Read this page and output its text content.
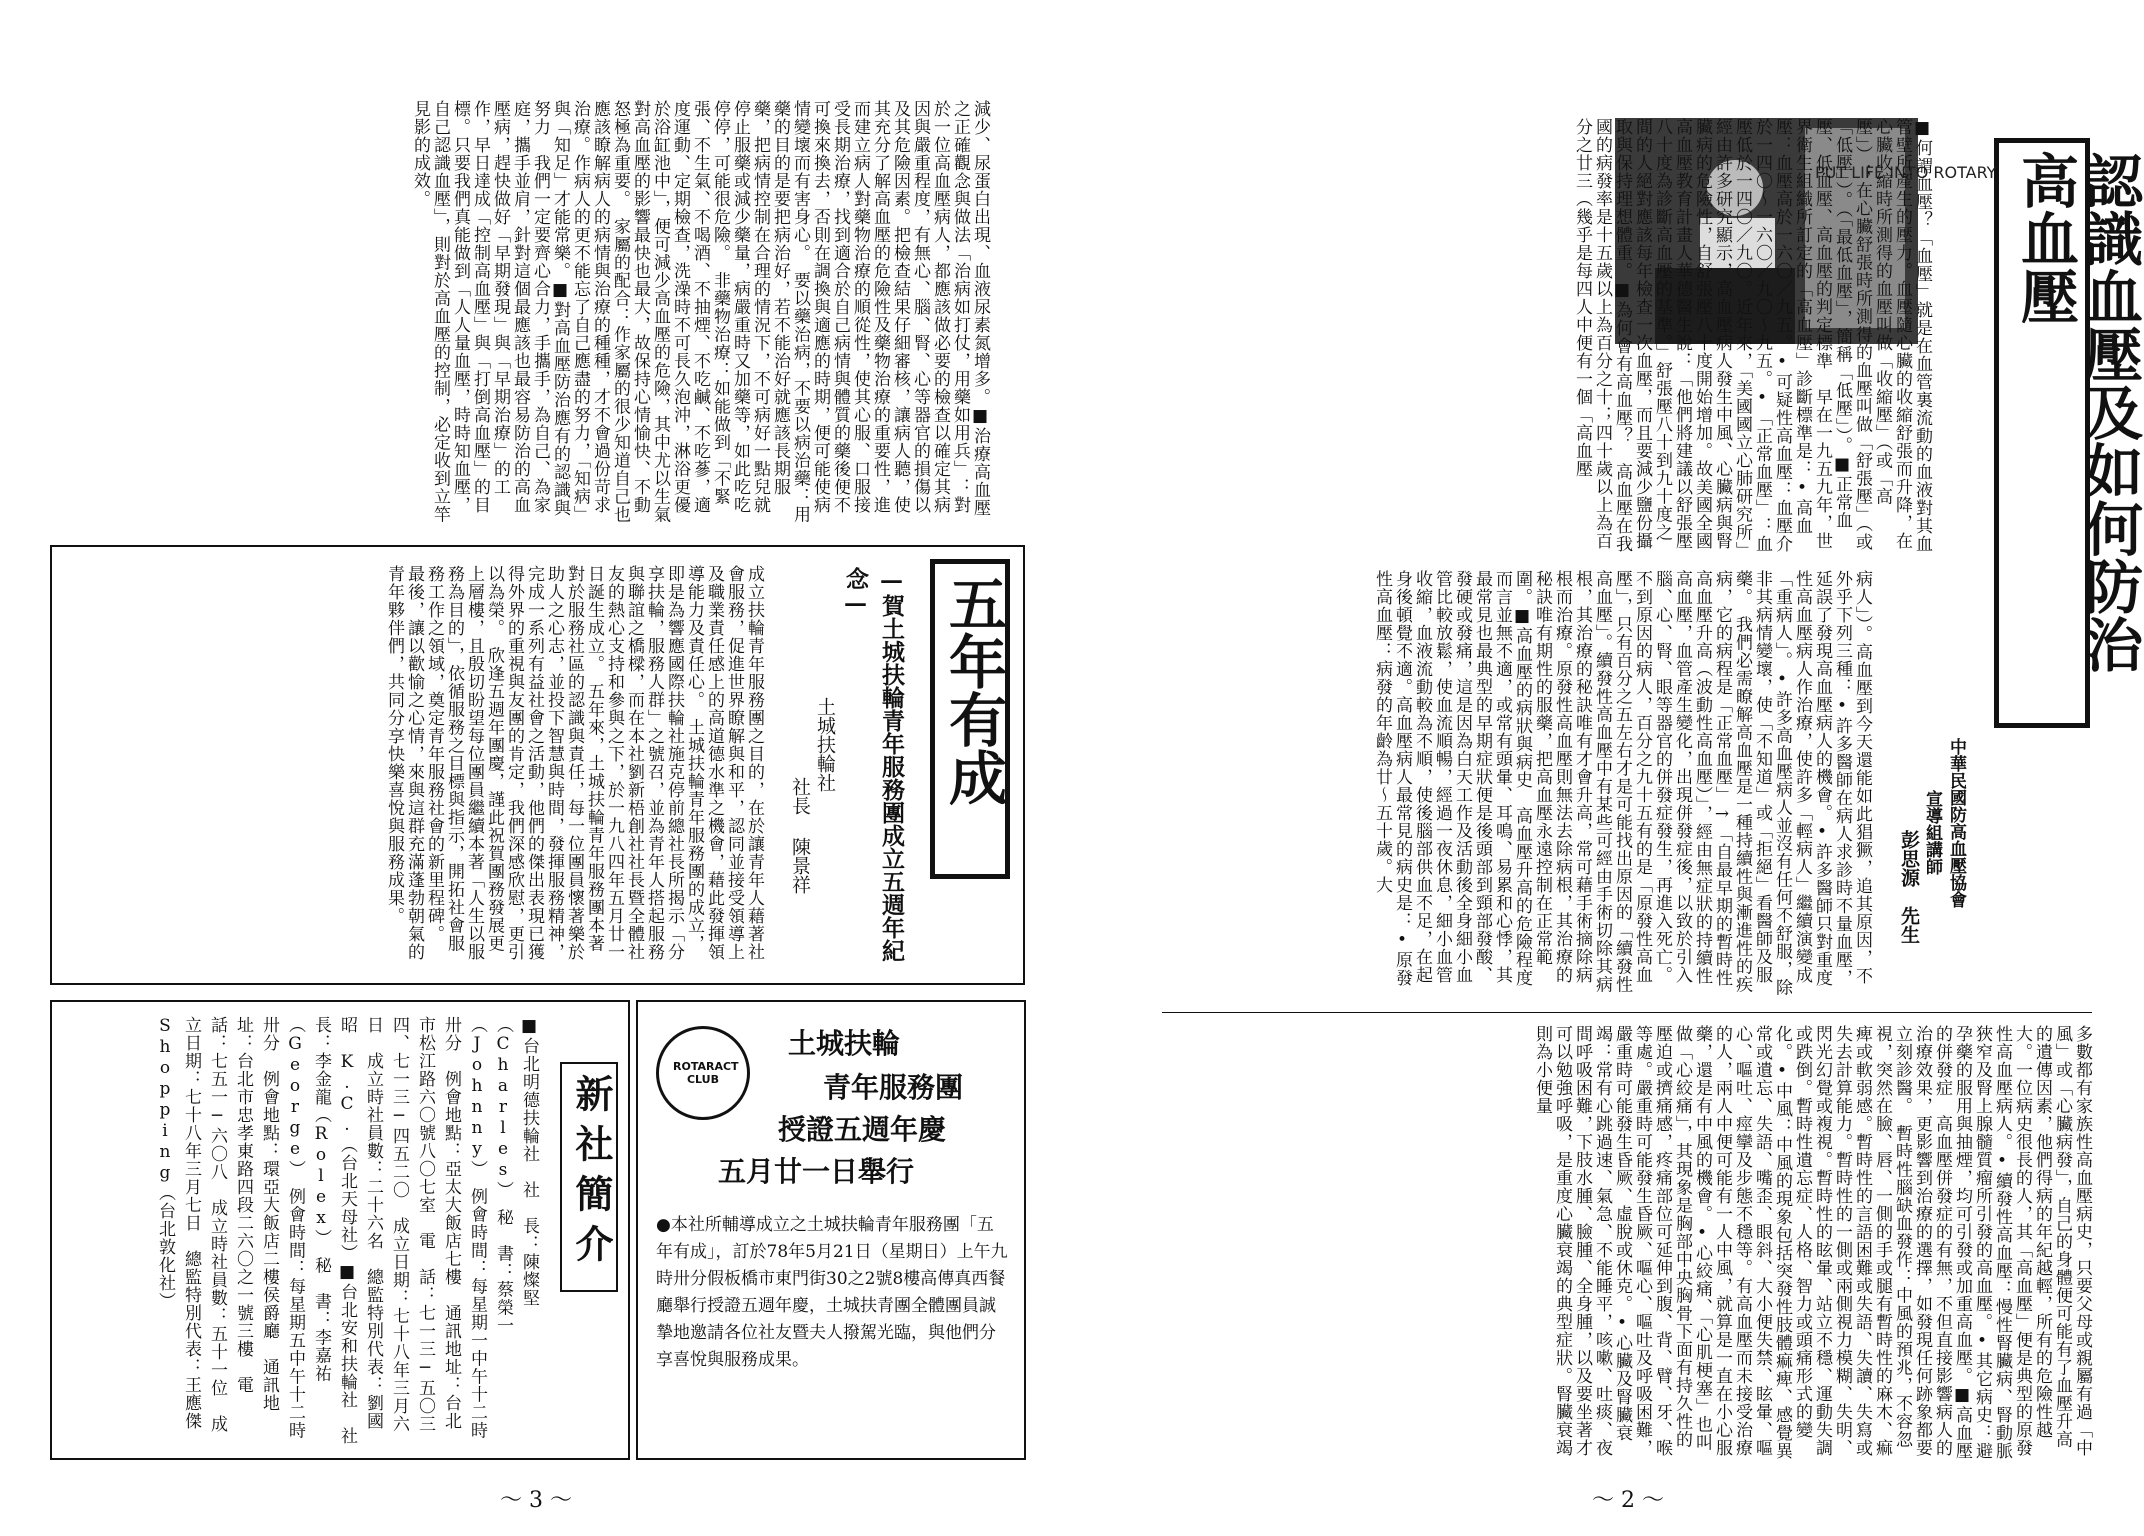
認識血壓及如何防治高血壓
中華民國防高血壓協會
宣導組講師
彭思源　先生
PUT LIFE INTO ROTARY
■何謂血壓？「血壓」就是在血管裏流動的血液對其血管壁所產生的壓力。血壓隨心臟的收縮舒張而升降，在心臟收縮時所測得的血壓叫做「收縮壓」（或「高壓」）；在心臟舒張時所測得的血壓叫做「舒張壓」（或「低壓」）。（「最低血壓」，簡稱「低壓」）。■正常血壓、低血壓、高血壓的判定標準　早在一九五九年，世界衛生組織所訂定的「高血壓」診斷標準是：•高血壓：血壓高於一六〇／九五。•可疑性高血壓：血壓介於一四〇～一六〇／九〇～九五。•「正常血壓」：血壓低於一四〇／九〇。近年來，「美國國立心肺研究所」經由許多研究顯示，高血壓病人發生中風、心臟病與腎臟病的危險性，自舒張壓八十度開始增加。故美國全國高血壓教育計畫人華德醫生說：「他們將建議以舒張壓八十度為診斷高血壓的基準。」舒張壓八十到九十度之間的人絕對應該每年檢查一次血壓，而且要減少鹽份攝取與保持理想體重。■為何會有高血壓？　高血壓在我國的病發率是十五歲以上為百分之十；四十歲以上為百分之廿三（幾乎是每四人中便有一個「高血壓
病人」）。高血壓到今天還能如此猖獗，追其原因，不外乎下列三種：•許多醫師在病人求診時不量血壓，延誤了發現高血壓病人的機會。•許多醫師只對重度性高血壓病人作治療，使許多「輕病人」繼續演變成「重病人」。•許多高血壓病人並沒有任何不舒服，除非其病情變壞，使「不知道」或「拒絕」看醫師及服藥。　我們必需瞭解高血壓是一種持續性與漸進性的疾病，它的病程是「正常血壓」→「自最早期的暫時性高血壓升高（波動性高血壓）」，經由無症狀的持續性高血壓，血管產生變化，出現併發症後，以致於引入腦、心、腎、眼等器官的併發症發生，再進入死亡。　不到原因的病人，百分之九十五有的是「原發性高血壓」，只有百分之五左右才是可能找出原因的「續發性高血壓」。續發性高血壓中有某些可經由手術切除其病根，其治療的秘訣唯有才會升高，常可藉手術摘除病根而治療。原發性高血壓則無法去除病根，其治療的秘訣唯有期性的服藥，把高血壓永遠控制在正常範圍。■高血壓的病狀與病史　高血壓升高的危險程度而言並無不適，或常有頭暈、耳鳴、易累和心悸，其最常見也最典型的早期症狀便是後頭部到頸部發酸、發硬或發痛，這是因為白天工作及活動後全身細小血管比較放鬆，使血流順暢，經過一夜休息，細小血管收縮，血液流動較為不順，使後腦部供血不足，在起身後頓覺不適。高血壓病人最常見的病史是：•原發性高血壓：病發的年齡為廿～五十歲。大
多數都有家族性高血壓病史，只要父母或親屬有過「中風」或「心臟病發」，自己的身體便可能有了血壓升高的遺傳因素，他們得病的年紀越輕，所有的危險性越大。一位病史很長的人，其「高血壓」便是典型的原發性高血壓病人。•續發性高血壓：慢性腎臟病、腎動脈狹窄及腎上腺髓質瘤所引發的高血壓。•其它病史：避孕藥的服用與抽煙，均可引發或加重高血壓。■高血壓的併發症　高血壓併發症的有無，不但直接影響病人的治療效果，更影響到治療的選擇，如發現任何跡象都要立刻診醫。　暫時性腦缺血發作：中風的預兆，不容忽視，突然在臉、唇、一側的手或腿有暫時性的麻木、痲痺或軟弱感。暫時性的言語困難或失語、失讀、失寫或失去計算能力。暫時性的一側或兩側視力模糊、失明、閃光幻覺或複視。暫時性的眩暈、站立不穩、運動失調或跌倒。暫時性遺忘症、人格、智力或頭痛形式的變化。•中風：中風的現象包括突發性肢體痲痺、感覺異常或遺忘、失語、嘴歪、眼斜、大小便失禁、眩暈、嘔心、嘔吐、痙攣及步態不穩等。有高血壓而未接受治療的人，兩人中便可能有一人中風，就算是一直在小心服藥，還是有中風的機會。•心絞痛、「心肌梗塞」也叫做「心絞痛」，其現象是胸部中央胸骨下面有持久性的壓迫或擠痛感，疼痛部位可延伸到腹、背、臂、牙、喉等處。嚴重時可能發生昏厥、嘔心、嘔吐及呼吸困難，嚴重時可能發生昏厥、虛脫或休克。•心臟及腎臟衰竭：常有心跳過速、氣急、不能睡平，咳嗽、吐痰、夜間呼吸困難，下肢水腫、臉腫、全身腫，以及要坐著才可以勉強呼吸，是重度心臟衰竭的典型症狀。腎臟衰竭則為小便量
～ 2 ～
減少、尿蛋白出現、血液尿素氮增多。■治療高血壓之正確觀念與做法「治病如打仗，用藥如用兵」：對於一位高血壓病人，都應該做必要的檢查以確定其病因與嚴重程度，有無心、腦、腎、心等器官的損傷以及其危險因素。把檢查結果仔細審核，讓病人聽，使其充分了解高血壓的危險性及藥物治療的重要性，進而建立病人對藥物治療的順從性，使其心服、口服接受長期治療，找到適合於自己病情與體質的藥後便不可換來換去，否則在調換與適應的時期，便可能使病情變壞而有害身心。　要以藥治病，不要以病治藥：用藥的目的是要把病治好，若不能治好就應該長期服藥，把病情控制在合理的情況下，不可病好一點兒就停止服藥或減少藥量，病嚴重時又加藥等，如此吃吃停停，可能很危險。　非藥物治療：如能做到「不緊張、不生氣、不喝酒、不抽煙、不吃鹹、不吃蔘，適度運動、定期檢查，洗澡時不可長久泡沖，淋浴更優於浴缸池中」，便可減少高血壓的危險，其中尤以生氣對高血壓的影響最快也最大，故保持心情愉快、不動怒極為重要。　家屬的配合：作家屬的很少知道自己也應該瞭解病人的病情與治療的種種，才不會過份苛求治療。作病人的更不能忘了自己應盡的努力，「知病」與「知足」才能常樂。■對高血壓防治應有的認識與努力　我們一定要齊心合力，手攜手，為自己、為家庭，攜手並肩，針對這個最應該也最容易防治的高血壓病，趕快做好「早期發現」與「早期治療」的工作，早日達成「控制高血壓」與「打倒高血壓」的目標。只要我們真能做到「人人量血壓，時時知血壓，自己認識血壓」，則對於高血壓的控制，必定收到立竿見影的成效。
五年有成
—賀土城扶輪青年服務團成立五週年紀念—
土城扶輪社
社長
陳景祥
成立扶輪青年服務團之目的，在於讓青年人藉著社會服務，促進世界瞭解與和平，認同並接受領導上及職業責任感上的高道德水準之機會，藉此發揮領導能力及責任心。　土城扶輪青年服務團的成立，即是為響應國際扶輪社施克停前總社長所揭示「分享扶輪，服務人群」之號召，並為青年人搭起服務與聯誼之橋樑，而在本社劉新梧創社社長暨全體社友的熱心支持和參與之下，於一九八四年五月廿一日誕生成立。　五年來，土城扶輪青年服務團本著對於服務社區的認識與責任，每一位團員懷著樂於助人之心志，並投下智慧與時間，發揮服務精神，完成一系列有益社會之活動，他們的傑出表現已獲得外界的重視與友團的肯定，我們深感欣慰，更引以為榮。　欣逢五週年團慶，謹此祝賀團務發展更上層樓，且殷切盼望每位團員繼續本著「人生以服務為目的」，依循服務之目標與指示，開拓社會服務工作之領域，奠定青年服務社會的新里程碑。　最後，讓以歡愉之心情，來與這群充滿蓬勃朝氣的青年夥伴們，共同分享快樂喜悅與服務成果。
新社簡介
■台北明德扶輪社　社　長：陳燦堅（Charles）　秘　書：蔡榮一（Johnny）　例會時間：每星期一中午十二時卅分　例會地點：亞太大飯店七樓　通訊地址：台北市松江路六〇號八〇七室　電　話：七一三─五〇三四、七一三─四五二〇　成立日期：七十八年三月六日　成立時社員數：二十六名　總監特別代表：劉國昭　K.C.（台北天母社）■台北安和扶輪社　社　長：李金龍（Rolex）　秘　書：李嘉祐（George）　例會時間：每星期五中午十二時卅分　例會地點：環亞大飯店二樓侯爵廳　通訊地址：台北市忠孝東路四段二六〇之一號三樓　電　話：七五一─六〇八　成立時社員數：五十一位　成立日期：七十八年三月七日　總監特別代表：王應傑 Shopping（台北敦化社）	ROTARACT CLUB
土城扶輪
青年服務團
授證五週年慶
五月廿一日舉行
●本社所輔導成立之土城扶輪青年服務團「五年有成」，訂於78年5月21日（星期日）上午九時卅分假板橋市東門街30之2號8樓高傳真西餐廳舉行授證五週年慶，土城扶青團全體團員誠摯地邀請各位社友暨夫人撥駕光臨，與他們分享喜悅與服務成果。
～ 3 ～
